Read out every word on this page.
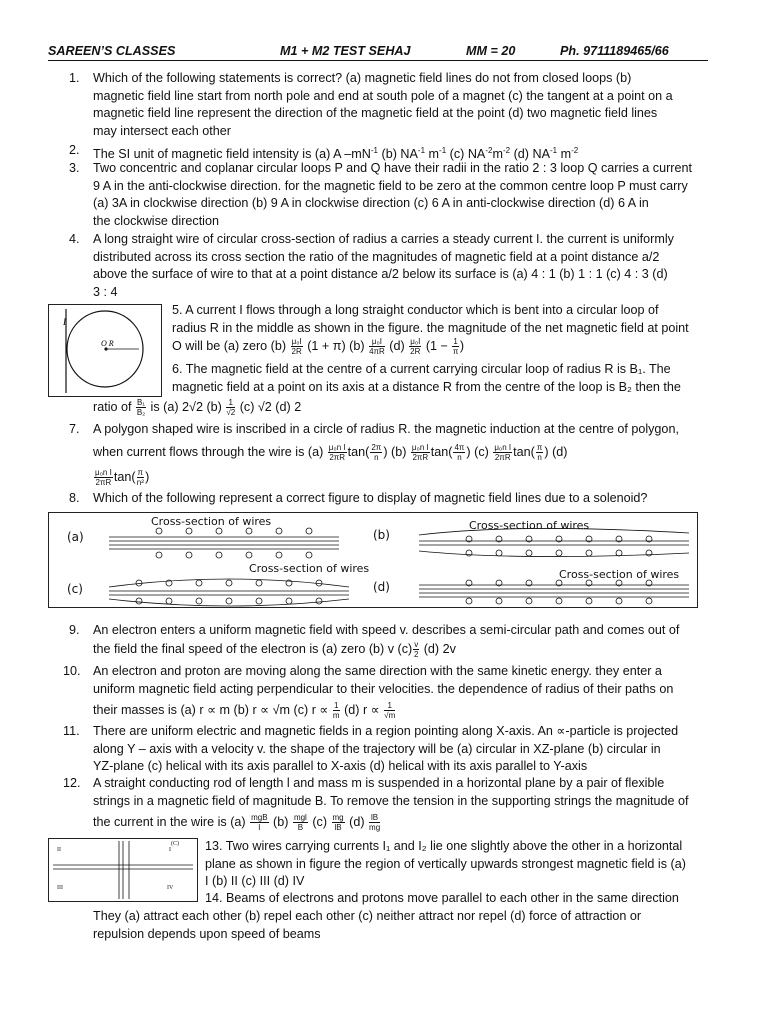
SAREEN’S CLASSES	M1 + M2 TEST SEHAJ	MM = 20	Ph. 9711189465/66
1. Which of the following statements is correct? (a) magnetic field lines do not from closed loops (b)

magnetic field line start from north pole and end at south pole of a magnet (c) the tangent at a point on a

magnetic field line represent the direction of the magnetic field at the point (d) two magnetic field lines

may intersect each other

2. The SI unit of magnetic field intensity is (a) A $-mN^{-1}$ (b) $NA^{-1}$ $m^{-1}$ (c) $NA^{-2}m^{-2}$ (d) $NA^{-1}$ $m^{-2}$
3. Two concentric and coplanar circular loops P and Q have their radii in the ratio 2 : 3 loop Q carries a current

9 A in the anti-clockwise direction. for the magnetic field to be zero at the common centre loop P must carry

(a) 3A in clockwise direction (b) 9 A in clockwise direction (c) 6 A in anti-clockwise direction (d) 6 A in

the clockwise direction

4. A long straight wire of circular cross-section of radius a carries a steady current I. the current is uniformly

distributed across its cross section the ratio of the magnitudes of magnetic field at a point distance a/2

above the surface of wire to that at a point distance a/2 below its surface is (a) 4 : 1 (b) 1 : 1 (c) 4 : 3 (d)

3 : 4

I
O R
5. A current I flows through a long straight conductor which is bent into a circular loop of
radius R in the middle as shown in the figure. the magnitude of the net magnetic field at point
O will be (a) zero $(b) \frac{\text{μ₀I}}{2R} (1 + \pi)$ $(b) \frac{\text{μ₀I}}{4\pi R} (d) \frac{\text{μ₀I}}{2R} (1 - \frac{1}{\pi}$ )
6. The magnetic field at the centre of a current carrying circular loop of radius R is B₁. The
magnetic field at a point on its axis at a distance R from the centre of the loop is B₂ then the
ratio of $\frac{\text{B₁}}{\text{B₂}}$ is (a) 2√2 $(b) \frac{1}{√2} (c)$ √2 (d) 2
7. A polygon shaped wire is inscribed in a circle of radius R. the magnetic induction at the centre of polygon,

when current flows through the wire is $(a) \frac{\text{μ₀n I}}{2\pi R} \tan( \frac{2\pi}{n}$ ) $(b) \frac{\text{μ₀n I}}{2\pi R} \tan( \frac{4\pi}{n}$ ) $(c) \frac{\text{μ₀n I}}{2\pi R} \tan( \frac{\pi}{n}$ ) (d)

$\frac{\text{μ₀n I}}{2\pi R} \tan( \frac{\pi}{\text{n²}}$ )
8. Which of the following represent a correct figure to display of magnetic field lines due to a solenoid?
Cross-section of wires	Cross-section of wires
Cross-section of wires	Cross-section of wires
(a)	(b)
(c)	(d)
9. An electron enters a uniform magnetic field with speed v. describes a semi-circular path and comes out of

the field the final speed of the electron is (a) zero (b) v $(c) \frac{v}{2} (d)$ 2v

10. An electron and proton are moving along the same direction with the same kinetic energy. they enter a

uniform magnetic field acting perpendicular to their velocities. the dependence of radius of their paths on

their masses is (a) r ∝ m (b) r ∝ √m (c) $r \propto \frac{1}{m} (d) r \propto \frac{1}{√m}$

11. There are uniform electric and magnetic fields in a region pointing along X-axis. An ∝-particle is projected

along Y – axis with a velocity v. the shape of the trajectory will be (a) circular in XZ-plane (b) circular in

YZ-plane (c) helical with its axis parallel to X-axis (d) helical with its axis parallel to Y-axis

12. A straight conducting rod of length l and mass m is suspended in a horizontal plane by a pair of flexible

strings in a magnetic field of magnitude B. To remove the tension in the supporting strings the magnitude of

the current in the wire is $(a) \frac{\text{mgB}}{l} (b) \frac{\text{mgl}}{B} (c) \frac{mg}{lB} (d) \frac{lB}{mg}$

II	I
III	IV
(C) 13. Two wires carrying currents I₁ and I₂ lie one slightly above the other in a horizontal
plane as shown in figure the region of vertically upwards strongest magnetic field is (a)
I (b) II (c) III (d) IV
14. Beams of electrons and protons move parallel to each other in the same direction
They (a) attract each other (b) repel each other (c) neither attract nor repel (d) force of attraction or
repulsion depends upon speed of beams
